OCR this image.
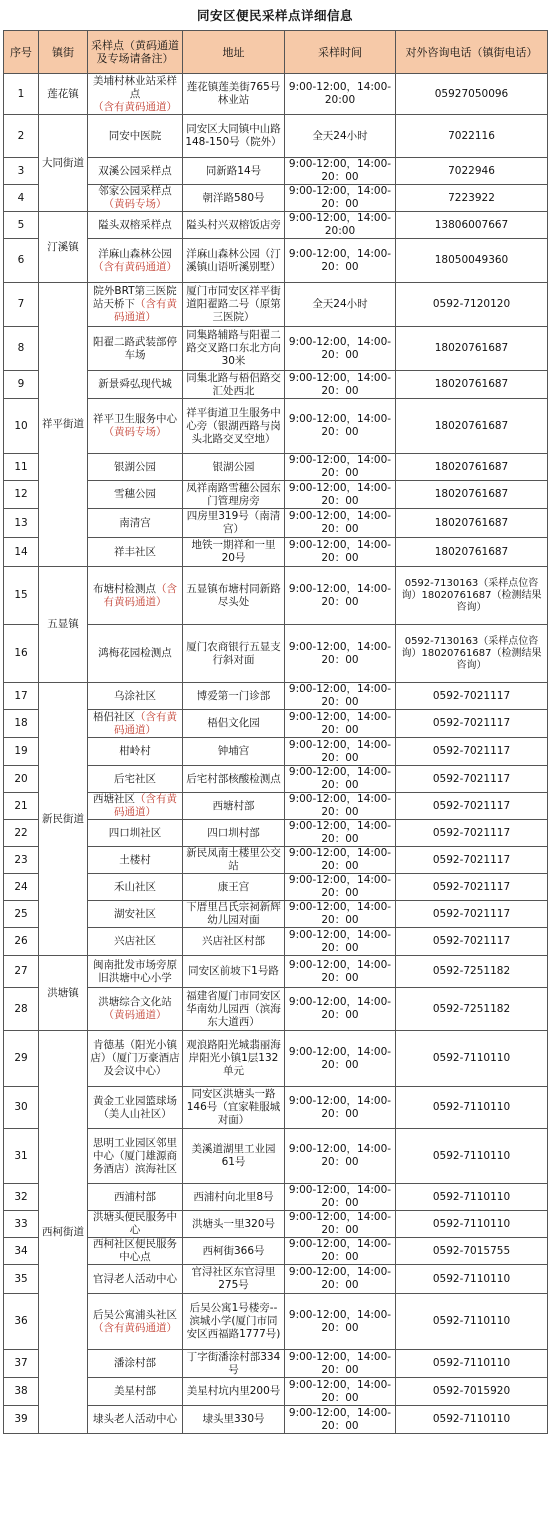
同安区便民采样点详细信息
序号	镇街	采样点（黄码通道及专场请备注）	地址	采样时间	对外咨询电话（镇街电话）
1	莲花镇	美埔村林业站采样点（含有黄码通道）	莲花镇莲美街765号林业站	9:00-12:00，14:00-20:00	05927050096
2	大同街道	同安中医院	同安区大同镇中山路148-150号（院外）	全天24小时	7022116
3		双溪公园采样点	同新路14号	9:00-12:00，14:00-20：00	7022946
4		邻家公园采样点（黄码专场）	朝洋路580号	9:00-12:00，14:00-20：00	7223922
5	汀溪镇	隘头双榕采样点	隘头村兴双榕饭店旁	9:00-12:00，14:00-20:00	13806007667
6		洋麻山森林公园（含有黄码通道）	洋麻山森林公园（汀溪镇山语听溪别墅）	9:00-12:00，14:00-20：00	18050049360
7	祥平街道	院外BRT第三医院站天桥下（含有黄码通道）	厦门市同安区祥平街道阳翟路二号（原第三医院）	全天24小时	0592-7120120
8		阳翟二路武装部停车场	同集路辅路与阳翟二路交叉路口东北方向30米	9:00-12:00，14:00-20：00	18020761687
9		新景舜弘现代城	同集北路与梧侣路交汇处西北	9:00-12:00，14:00-20：00	18020761687
10		祥平卫生服务中心（黄码专场）	祥平街道卫生服务中心旁（银湖西路与岗头北路交叉空地）	9:00-12:00，14:00-20：00	18020761687
11		银湖公园	银湖公园	9:00-12:00，14:00-20：00	18020761687
12		雪穗公园	凤祥南路雪穗公园东门管理房旁	9:00-12:00，14:00-20：00	18020761687
13		南清宫	四房里319号（南清宫）	9:00-12:00，14:00-20：00	18020761687
14		祥丰社区	地铁一期祥和一里20号	9:00-12:00，14:00-20：00	18020761687
15	五显镇	布塘村检测点（含有黄码通道）	五显镇布塘村同新路尽头处	9:00-12:00，14:00-20：00	0592-7130163（采样点位咨询）18020761687（检测结果咨询）
16		鸿梅花园检测点	厦门农商银行五显支行斜对面	9:00-12:00，14:00-20：00	0592-7130163（采样点位咨询）18020761687（检测结果咨询）
17	新民街道	乌涂社区	博爱第一门诊部	9:00-12:00，14:00-20：00	0592-7021117
18		梧侣社区（含有黄码通道）	梧侣文化园	9:00-12:00，14:00-20：00	0592-7021117
19		柑岭村	钟埔宫	9:00-12:00，14:00-20：00	0592-7021117
20		后宅社区	后宅村部核酸检测点	9:00-12:00，14:00-20：00	0592-7021117
21		西塘社区（含有黄码通道）	西塘村部	9:00-12:00，14:00-20：00	0592-7021117
22		四口圳社区	四口圳村部	9:00-12:00，14:00-20：00	0592-7021117
23		土楼村	新民凤南土楼里公交站	9:00-12:00，14:00-20：00	0592-7021117
24		禾山社区	康王宫	9:00-12:00，14:00-20：00	0592-7021117
25		湖安社区	下厝里吕氏宗祠新辉幼儿园对面	9:00-12:00，14:00-20：00	0592-7021117
26		兴店社区	兴店社区村部	9:00-12:00，14:00-20：00	0592-7021117
27	洪塘镇	闽南批发市场旁原旧洪塘中心小学	同安区前坡下1号路	9:00-12:00，14:00-20：00	0592-7251182
28		洪塘综合文化站（黄码通道）	福建省厦门市同安区华南幼儿园西（滨海东大道西）	9:00-12:00，14:00-20：00	0592-7251182
29	西柯街道	肯德基（阳光小镇店）（厦门万豪酒店及会议中心）	观浪路阳光城翡丽海岸阳光小镇1层132单元	9:00-12:00，14:00-20：00	0592-7110110
30		黄金工业园篮球场（美人山社区）	同安区洪塘头一路146号（宜家鞋服城对面）	9:00-12:00，14:00-20：00	0592-7110110
31		思明工业园区邻里中心（厦门雄源商务酒店）滨海社区	美溪道湖里工业园61号	9:00-12:00，14:00-20：00	0592-7110110
32		西浦村部	西浦村向北里8号	9:00-12:00，14:00-20：00	0592-7110110
33		洪塘头便民服务中心	洪塘头一里320号	9:00-12:00，14:00-20：00	0592-7110110
34		西柯社区便民服务中心点	西柯街366号	9:00-12:00，14:00-20：00	0592-7015755
35		官浔老人活动中心	官浔社区东官浔里275号	9:00-12:00，14:00-20：00	0592-7110110
36		后吴公寓浦头社区（含有黄码通道）	后吴公寓1号楼旁--滨城小学(厦门市同安区西福路1777号)	9:00-12:00，14:00-20：00	0592-7110110
37		潘涂村部	丁字街潘涂村部334号	9:00-12:00，14:00-20：00	0592-7110110
38		美星村部	美星村坑内里200号	9:00-12:00，14:00-20：00	0592-7015920
39		埭头老人活动中心	埭头里330号	9:00-12:00，14:00-20：00	0592-7110110
